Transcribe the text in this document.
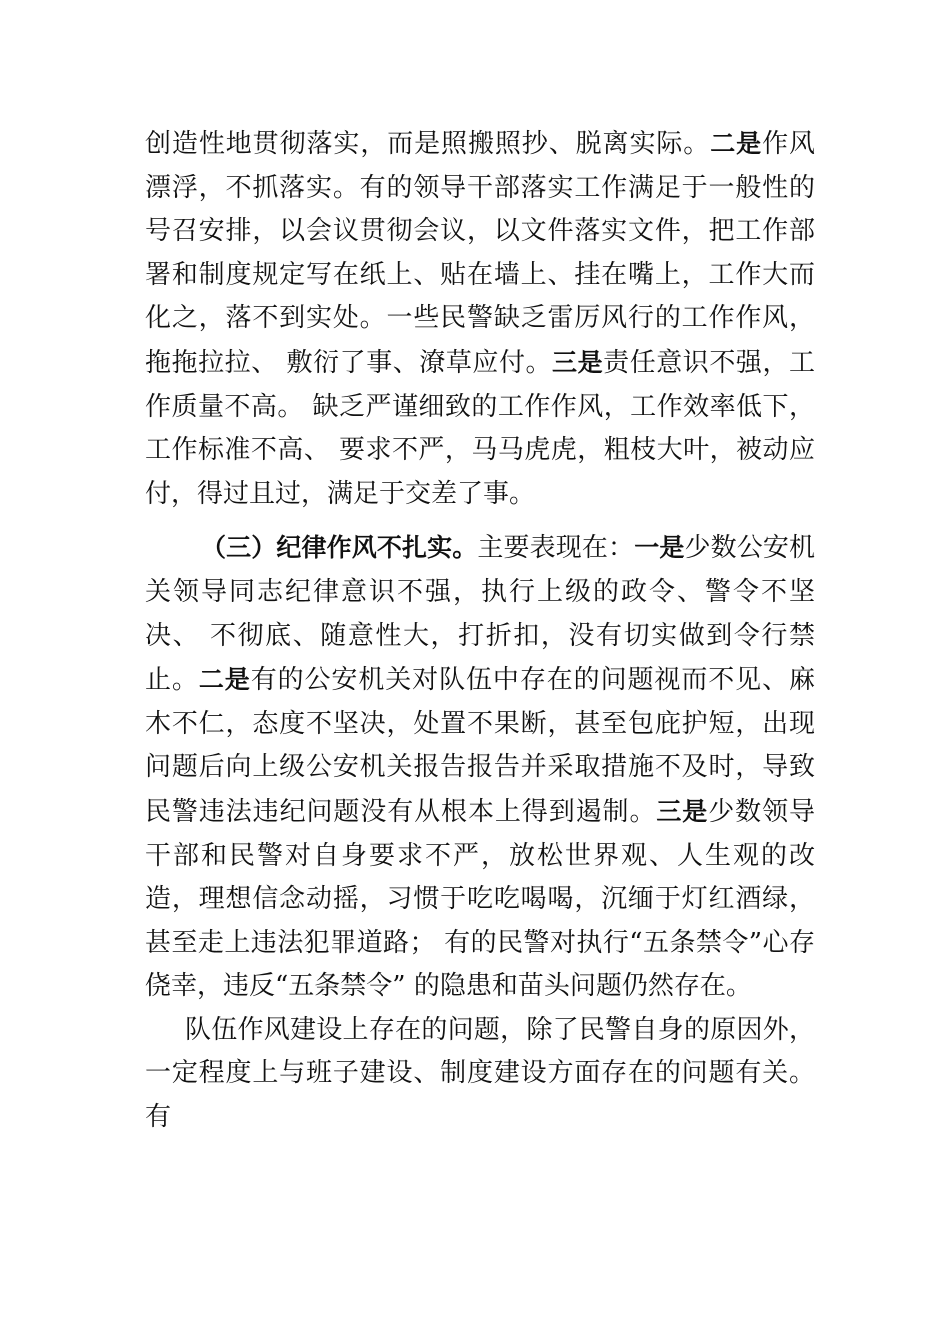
创造性地贯彻落实，而是照搬照抄、脱离实际。二是作风漂浮，不抓落实。有的领导干部落实工作满足于一般性的号召安排，以会议贯彻会议，以文件落实文件，把工作部署和制度规定写在纸上、贴在墙上、挂在嘴上，工作大而化之，落不到实处。一些民警缺乏雷厉风行的工作作风，拖拖拉拉、 敷衍了事、潦草应付。三是责任意识不强，工作质量不高。 缺乏严谨细致的工作作风，工作效率低下，工作标准不高、 要求不严，马马虎虎，粗枝大叶，被动应付，得过且过，满足于交差了事。

（三）纪律作风不扎实。主要表现在：一是少数公安机关领导同志纪律意识不强，执行上级的政令、警令不坚决、 不彻底、随意性大，打折扣，没有切实做到令行禁止。二是有的公安机关对队伍中存在的问题视而不见、麻木不仁，态度不坚决，处置不果断，甚至包庇护短，出现问题后向上级公安机关报告报告并采取措施不及时，导致民警违法违纪问题没有从根本上得到遏制。三是少数领导干部和民警对自身要求不严，放松世界观、人生观的改造，理想信念动摇，习惯于吃吃喝喝，沉缅于灯红酒绿，甚至走上违法犯罪道路； 有的民警对执行“五条禁令”心存侥幸，违反“五条禁令” 的隐患和苗头问题仍然存在。

队伍作风建设上存在的问题，除了民警自身的原因外，一定程度上与班子建设、制度建设方面存在的问题有关。有
